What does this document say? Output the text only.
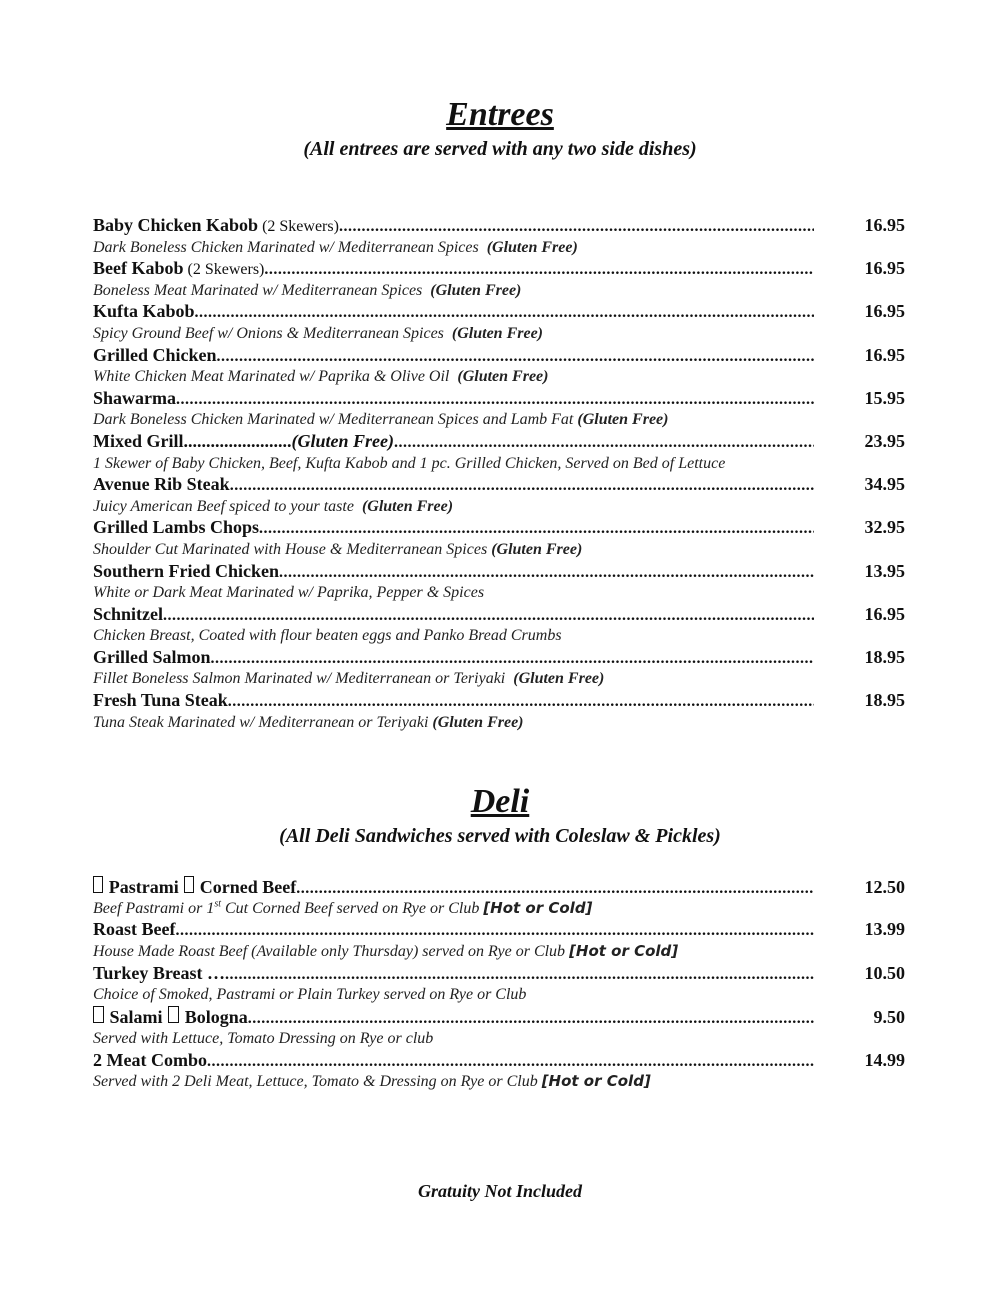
Entrees

(All entrees are served with any two side dishes)

Baby Chicken Kabob
(2 Skewers) .....	16.95
Dark Boneless Chicken Marinated w/ Mediterranean Spices (Gluten Free)
Beef Kabob
(2 Skewers) .....	16.95
Boneless Meat Marinated w/ Mediterranean Spices (Gluten Free)
Kufta Kabob .....	16.95
Spicy Ground Beef w/ Onions & Mediterranean Spices (Gluten Free)
Grilled Chicken .....	16.95
White Chicken Meat Marinated w/ Paprika & Olive Oil (Gluten Free)
Shawarma .....	15.95
Dark Boneless Chicken Marinated w/ Mediterranean Spices and Lamb Fat (Gluten Free)
Mixed Grill........................ (Gluten Free) .....	23.95
1 Skewer of Baby Chicken, Beef, Kufta Kabob and 1 pc. Grilled Chicken, Served on Bed of Lettuce
Avenue Rib Steak .....	34.95
Juicy American Beef spiced to your taste (Gluten Free)
Grilled Lambs Chops .....	32.95
Shoulder Cut Marinated with House & Mediterranean Spices (Gluten Free)
Southern Fried Chicken .....	13.95
White or Dark Meat Marinated w/ Paprika, Pepper & Spices
Schnitzel .....	16.95
Chicken Breast, Coated with flour beaten eggs and Panko Bread Crumbs
Grilled Salmon .....	18.95
Fillet Boneless Salmon Marinated w/ Mediterranean or Teriyaki (Gluten Free)
Fresh Tuna Steak .....	18.95
Tuna Steak Marinated w/ Mediterranean or Teriyaki (Gluten Free)
Deli

(All Deli Sandwiches served with Coleslaw & Pickles)

Pastrami Corned Beef .....	12.50
Beef Pastrami or 1st Cut Corned Beef served on Rye or Club [Hot or Cold]
Roast Beef .....	13.99
House Made Roast Beef (Available only Thursday) served on Rye or Club [Hot or Cold]
Turkey Breast … .....	10.50
Choice of Smoked, Pastrami or Plain Turkey served on Rye or Club
Salami Bologna .....	9.50
Served with Lettuce, Tomato Dressing on Rye or club
2 Meat Combo .....	14.99
Served with 2 Deli Meat, Lettuce, Tomato & Dressing on Rye or Club [Hot or Cold]
Gratuity Not Included
